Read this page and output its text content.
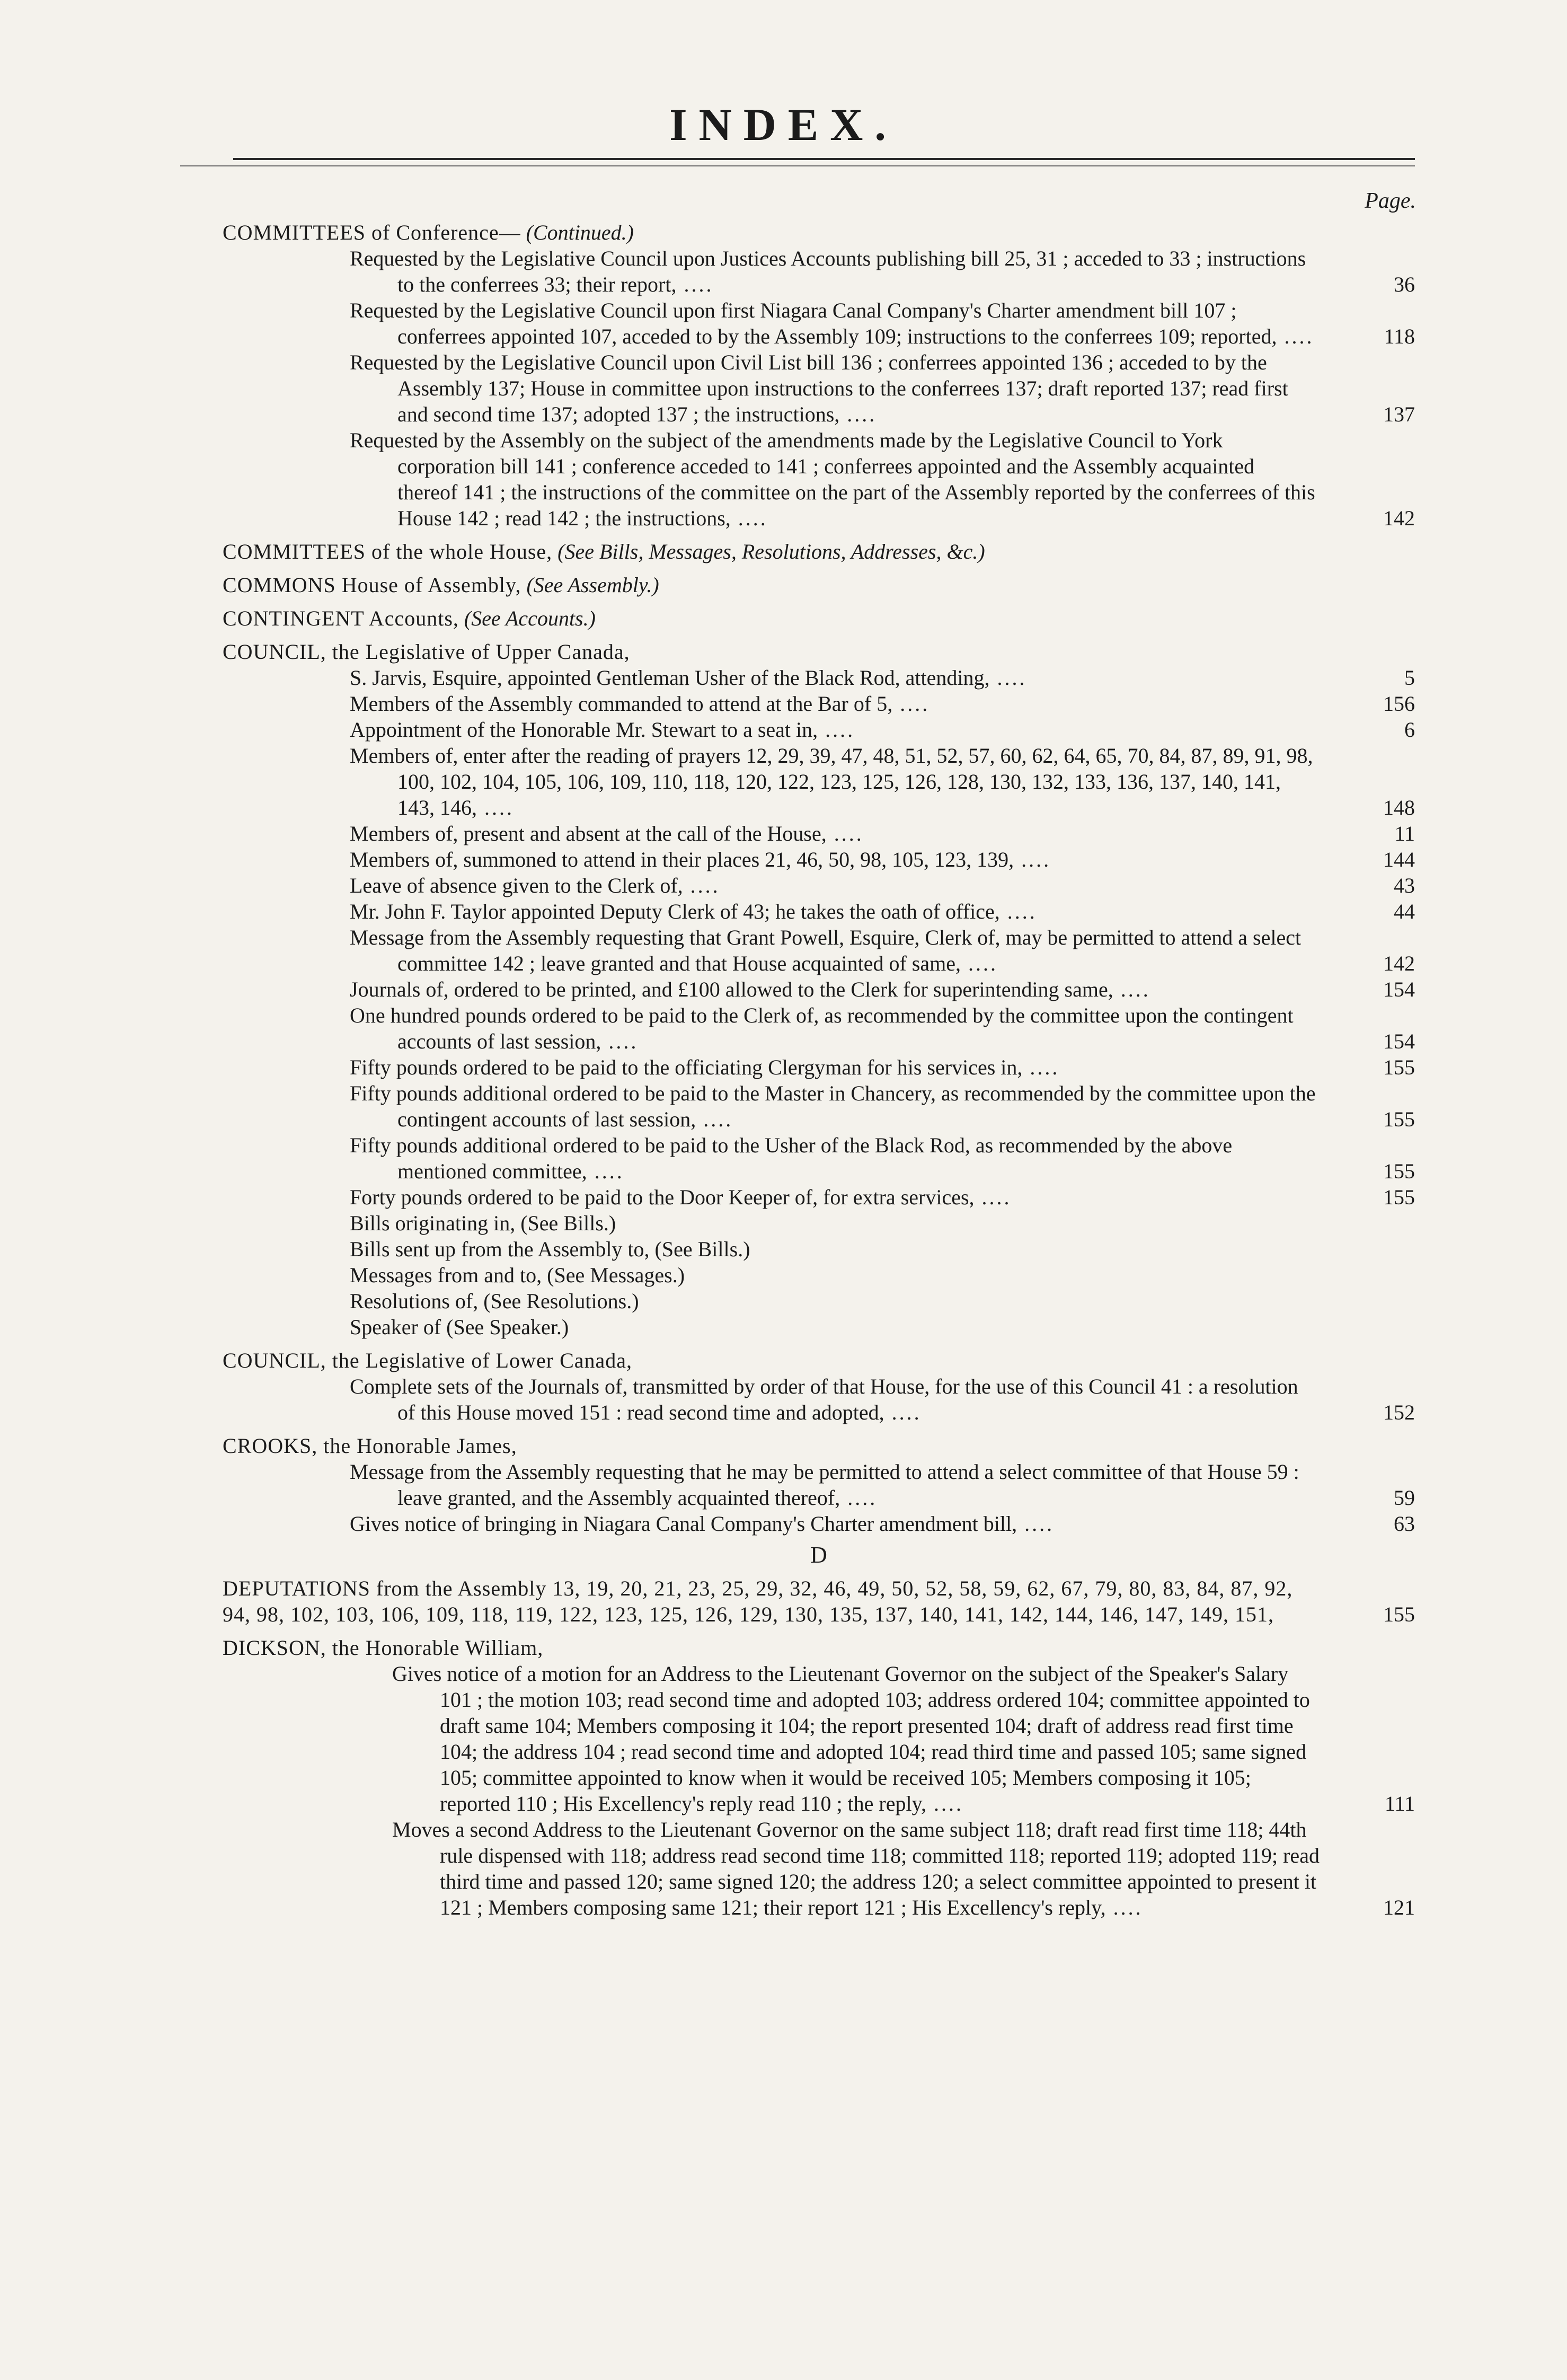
INDEX.
Page.
COMMITTEES of Conference— (Continued.)
Requested by the Legislative Council upon Justices Accounts publishing bill 25, 31 ; acceded to 33 ; instructions to the conferrees 33; their report, ....	36
Requested by the Legislative Council upon first Niagara Canal Company's Charter amendment bill 107 ; conferrees appointed 107, acceded to by the Assembly 109; instructions to the conferrees 109; reported, ....	118
Requested by the Legislative Council upon Civil List bill 136 ; conferrees appointed 136 ; acceded to by the Assembly 137; House in committee upon instructions to the conferrees 137; draft reported 137; read first and second time 137; adopted 137 ; the instructions, ....	137
Requested by the Assembly on the subject of the amendments made by the Legislative Council to York corporation bill 141 ; conference acceded to 141 ; conferrees appointed and the Assembly acquainted thereof 141 ; the instructions of the committee on the part of the Assembly reported by the conferrees of this House 142 ; read 142 ; the instructions, ....	142
COMMITTEES of the whole House, (See Bills, Messages, Resolutions, Addresses, &c.)
COMMONS House of Assembly, (See Assembly.)
CONTINGENT Accounts, (See Accounts.)
COUNCIL, the Legislative of Upper Canada,
S. Jarvis, Esquire, appointed Gentleman Usher of the Black Rod, attending, ....	5
Members of the Assembly commanded to attend at the Bar of 5, ....	156
Appointment of the Honorable Mr. Stewart to a seat in, ....	6
Members of, enter after the reading of prayers 12, 29, 39, 47, 48, 51, 52, 57, 60, 62, 64, 65, 70, 84, 87, 89, 91, 98, 100, 102, 104, 105, 106, 109, 110, 118, 120, 122, 123, 125, 126, 128, 130, 132, 133, 136, 137, 140, 141, 143, 146, ....	148
Members of, present and absent at the call of the House, ....	11
Members of, summoned to attend in their places 21, 46, 50, 98, 105, 123, 139, ....	144
Leave of absence given to the Clerk of, ....	43
Mr. John F. Taylor appointed Deputy Clerk of 43; he takes the oath of office, ....	44
Message from the Assembly requesting that Grant Powell, Esquire, Clerk of, may be permitted to attend a select committee 142 ; leave granted and that House acquainted of same, ....	142
Journals of, ordered to be printed, and £100 allowed to the Clerk for superintending same, ....	154
One hundred pounds ordered to be paid to the Clerk of, as recommended by the committee upon the contingent accounts of last session, ....	154
Fifty pounds ordered to be paid to the officiating Clergyman for his services in, ....	155
Fifty pounds additional ordered to be paid to the Master in Chancery, as recommended by the committee upon the contingent accounts of last session, ....	155
Fifty pounds additional ordered to be paid to the Usher of the Black Rod, as recommended by the above mentioned committee, ....	155
Forty pounds ordered to be paid to the Door Keeper of, for extra services, ....	155
Bills originating in, (See Bills.)
Bills sent up from the Assembly to, (See Bills.)
Messages from and to, (See Messages.)
Resolutions of, (See Resolutions.)
Speaker of (See Speaker.)
COUNCIL, the Legislative of Lower Canada,
Complete sets of the Journals of, transmitted by order of that House, for the use of this Council 41 : a resolution of this House moved 151 : read second time and adopted, ....	152
CROOKS, the Honorable James,
Message from the Assembly requesting that he may be permitted to attend a select committee of that House 59 : leave granted, and the Assembly acquainted thereof, ....	59
Gives notice of bringing in Niagara Canal Company's Charter amendment bill, ....	63
D
DEPUTATIONS from the Assembly 13, 19, 20, 21, 23, 25, 29, 32, 46, 49, 50, 52, 58, 59, 62, 67, 79, 80, 83, 84, 87, 92, 94, 98, 102, 103, 106, 109, 118, 119, 122, 123, 125, 126, 129, 130, 135, 137, 140, 141, 142, 144, 146, 147, 149, 151,	155
DICKSON, the Honorable William,
Gives notice of a motion for an Address to the Lieutenant Governor on the subject of the Speaker's Salary 101 ; the motion 103; read second time and adopted 103; address ordered 104; committee appointed to draft same 104; Members composing it 104; the report presented 104; draft of address read first time 104; the address 104 ; read second time and adopted 104; read third time and passed 105; same signed 105; committee appointed to know when it would be received 105; Members composing it 105; reported 110 ; His Excellency's reply read 110 ; the reply, ....	111
Moves a second Address to the Lieutenant Governor on the same subject 118; draft read first time 118; 44th rule dispensed with 118; address read second time 118; committed 118; reported 119; adopted 119; read third time and passed 120; same signed 120; the address 120; a select committee appointed to present it 121 ; Members composing same 121; their report 121 ; His Excellency's reply, ....	121
